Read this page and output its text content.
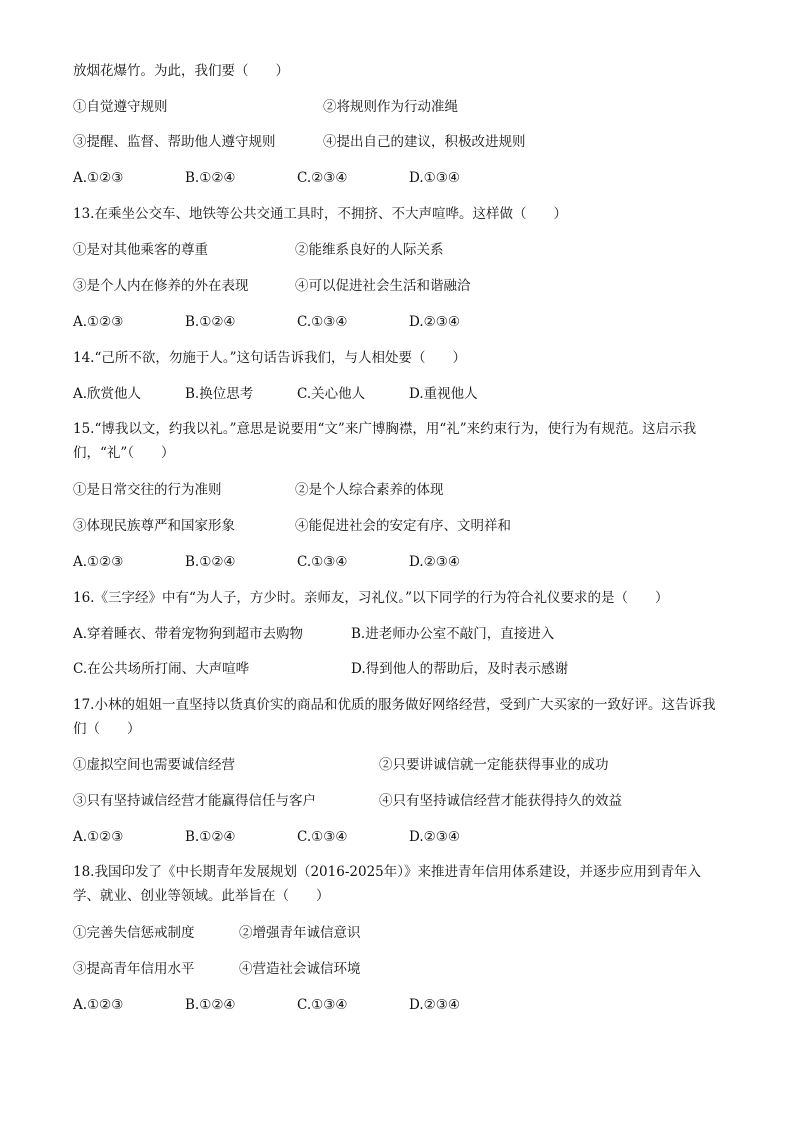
放烟花爆竹。为此，我们要（　　）
①自觉遵守规则	②将规则作为行动准绳
③提醒、监督、帮助他人遵守规则	④提出自己的建议，积极改进规则
A.①②③	B.①②④	C.②③④	D.①③④
13.在乘坐公交车、地铁等公共交通工具时，不拥挤、不大声喧哗。这样做（　　）
①是对其他乘客的尊重	②能维系良好的人际关系
③是个人内在修养的外在表现	④可以促进社会生活和谐融洽
A.①②③	B.①②④	C.①③④	D.②③④
14.“己所不欲，勿施于人。”这句话告诉我们，与人相处要（　　）
A.欣赏他人	B.换位思考	C.关心他人	D.重视他人
15.“博我以文，约我以礼。”意思是说要用“文”来广博胸襟，用“礼”来约束行为，使行为有规范。这启示我们，“礼”（　　）
①是日常交往的行为准则	②是个人综合素养的体现
③体现民族尊严和国家形象	④能促进社会的安定有序、文明祥和
A.①②③	B.①②④	C.①③④	D.②③④
16.《三字经》中有“为人子，方少时。亲师友，习礼仪。”以下同学的行为符合礼仪要求的是（　　）
A.穿着睡衣、带着宠物狗到超市去购物	B.进老师办公室不敲门，直接进入
C.在公共场所打闹、大声喧哗	D.得到他人的帮助后，及时表示感谢
17.小林的姐姐一直坚持以货真价实的商品和优质的服务做好网络经营，受到广大买家的一致好评。这告诉我们（　　）
①虚拟空间也需要诚信经营	②只要讲诚信就一定能获得事业的成功
③只有坚持诚信经营才能赢得信任与客户	④只有坚持诚信经营才能获得持久的效益
A.①②③	B.①②④	C.①③④	D.②③④
18.我国印发了《中长期青年发展规划（2016-2025年）》来推进青年信用体系建设，并逐步应用到青年入学、就业、创业等领域。此举旨在（　　）
①完善失信惩戒制度	②增强青年诚信意识
③提高青年信用水平	④营造社会诚信环境
A.①②③	B.①②④	C.①③④	D.②③④
